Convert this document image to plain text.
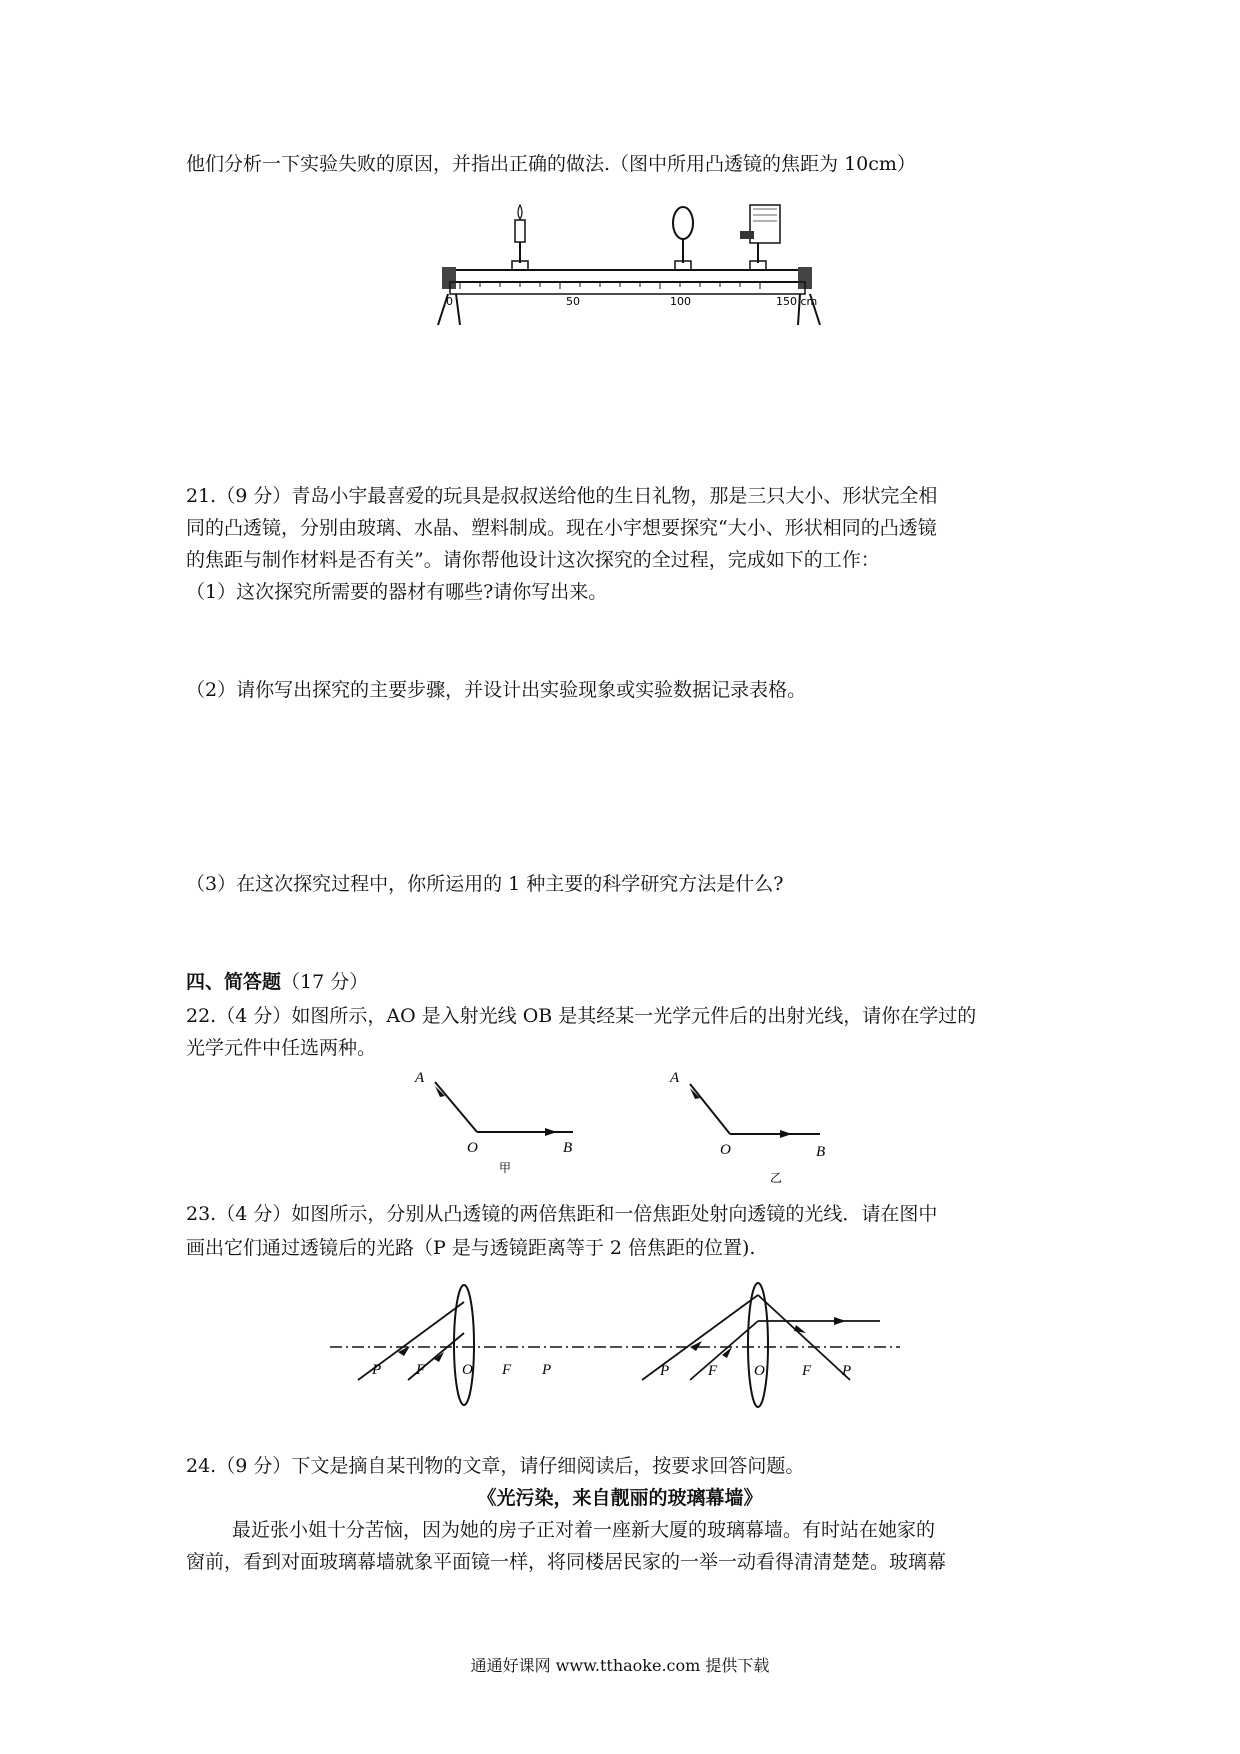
他们分析一下实验失败的原因，并指出正确的做法.（图中所用凸透镜的焦距为 10cm）
0	50	100	150 cm
21.（9 分）青岛小宇最喜爱的玩具是叔叔送给他的生日礼物，那是三只大小、形状完全相
同的凸透镜，分别由玻璃、水晶、塑料制成。现在小宇想要探究“大小、形状相同的凸透镜
的焦距与制作材料是否有关”。请你帮他设计这次探究的全过程，完成如下的工作：
（1）这次探究所需要的器材有哪些?请你写出来。
（2）请你写出探究的主要步骤，并设计出实验现象或实验数据记录表格。
（3）在这次探究过程中，你所运用的 1 种主要的科学研究方法是什么?
四、简答题（17 分）
22.（4 分）如图所示，AO 是入射光线 OB 是其经某一光学元件后的出射光线，请你在学过的
光学元件中任选两种。
A
O	B
甲
A
O	B
乙
23.（4 分）如图所示，分别从凸透镜的两倍焦距和一倍焦距处射向透镜的光线．请在图中
画出它们通过透镜后的光路（P 是与透镜距离等于 2 倍焦距的位置).
P F O F P	P	F O F P
24.（9 分）下文是摘自某刊物的文章，请仔细阅读后，按要求回答问题。
《光污染，来自靓丽的玻璃幕墙》
最近张小姐十分苦恼，因为她的房子正对着一座新大厦的玻璃幕墙。有时站在她家的
窗前，看到对面玻璃幕墙就象平面镜一样，将同楼居民家的一举一动看得清清楚楚。玻璃幕
通通好课网 www.tthaoke.com 提供下载
